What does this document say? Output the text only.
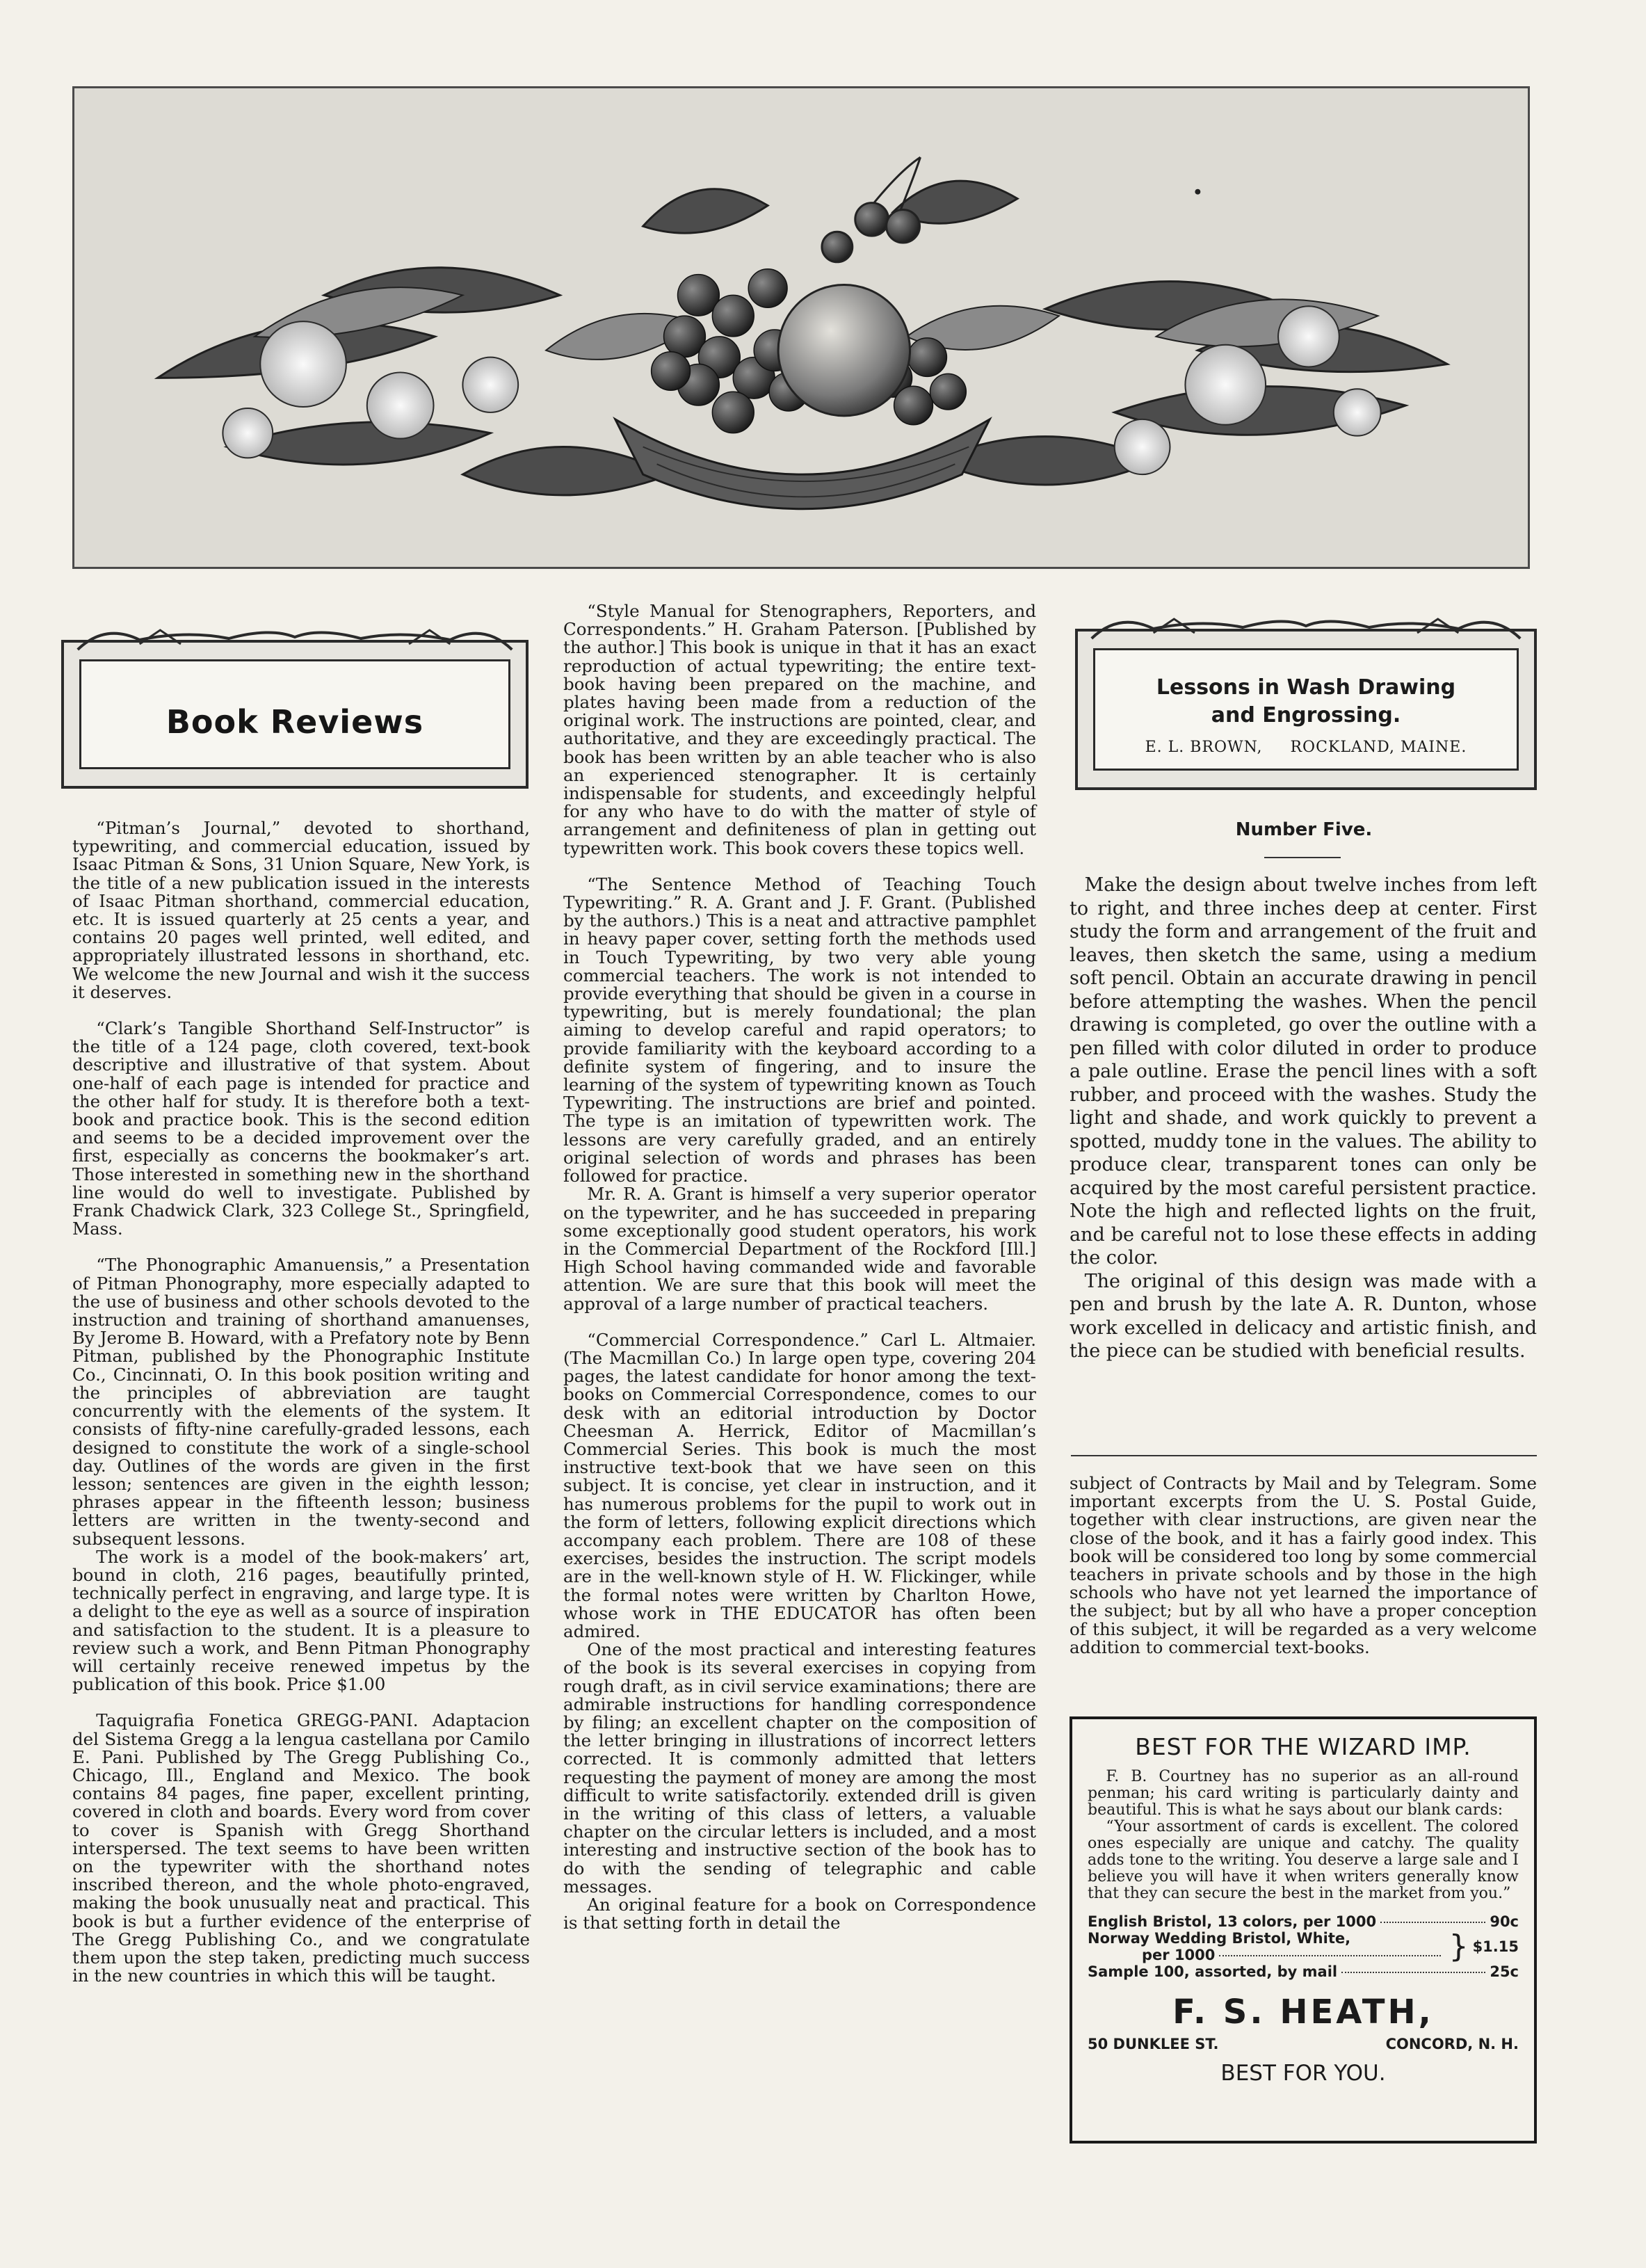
Book Reviews

“Pitman’s Journal,” devoted to shorthand, typewriting, and commercial education, issued by Isaac Pitman & Sons, 31 Union Square, New York, is the title of a new publication issued in the interests of Isaac Pitman shorthand, commercial education, etc. It is issued quarterly at 25 cents a year, and contains 20 pages well printed, well edited, and appropriately illustrated lessons in shorthand, etc. We welcome the new Journal and wish it the success it deserves.

“Clark’s Tangible Shorthand Self-Instructor” is the title of a 124 page, cloth covered, text-book descriptive and illustrative of that system. About one-half of each page is intended for practice and the other half for study. It is therefore both a text-book and practice book. This is the second edition and seems to be a decided improvement over the first, especially as concerns the bookmaker’s art. Those interested in something new in the shorthand line would do well to investigate. Published by Frank Chadwick Clark, 323 College St., Springfield, Mass.

“The Phonographic Amanuensis,” a Presentation of Pitman Phonography, more especially adapted to the use of business and other schools devoted to the instruction and training of shorthand amanuenses, By Jerome B. Howard, with a Prefatory note by Benn Pitman, published by the Phonographic Institute Co., Cincinnati, O. In this book position writing and the principles of abbreviation are taught concurrently with the elements of the system. It consists of fifty-nine carefully-graded lessons, each designed to constitute the work of a single-school day. Outlines of the words are given in the first lesson; sentences are given in the eighth lesson; phrases appear in the fifteenth lesson; business letters are written in the twenty-second and subsequent lessons.

The work is a model of the book-makers’ art, bound in cloth, 216 pages, beautifully printed, technically perfect in engraving, and large type. It is a delight to the eye as well as a source of inspiration and satisfaction to the student. It is a pleasure to review such a work, and Benn Pitman Phonography will certainly receive renewed impetus by the publication of this book. Price $1.00

Taquigrafia Fonetica GREGG-PANI. Adaptacion del Sistema Gregg a la lengua castellana por Camilo E. Pani. Published by The Gregg Publishing Co., Chicago, Ill., England and Mexico. The book contains 84 pages, fine paper, excellent printing, covered in cloth and boards. Every word from cover to cover is Spanish with Gregg Shorthand interspersed. The text seems to have been written on the typewriter with the shorthand notes inscribed thereon, and the whole photo-engraved, making the book unusually neat and practical. This book is but a further evidence of the enterprise of The Gregg Publishing Co., and we congratulate them upon the step taken, predicting much success in the new countries in which this will be taught.

“Style Manual for Stenographers, Reporters, and Correspondents.” H. Graham Paterson. [Published by the author.] This book is unique in that it has an exact reproduction of actual typewriting; the entire text-book having been prepared on the machine, and plates having been made from a reduction of the original work. The instructions are pointed, clear, and authoritative, and they are exceedingly practical. The book has been written by an able teacher who is also an experienced stenographer. It is certainly indispensable for students, and exceedingly helpful for any who have to do with the matter of style of arrangement and definiteness of plan in getting out typewritten work. This book covers these topics well.

“The Sentence Method of Teaching Touch Typewriting.” R. A. Grant and J. F. Grant. (Published by the authors.) This is a neat and attractive pamphlet in heavy paper cover, setting forth the methods used in Touch Typewriting, by two very able young commercial teachers. The work is not intended to provide everything that should be given in a course in typewriting, but is merely foundational; the plan aiming to develop careful and rapid operators; to provide familiarity with the keyboard according to a definite system of fingering, and to insure the learning of the system of typewriting known as Touch Typewriting. The instructions are brief and pointed. The type is an imitation of typewritten work. The lessons are very carefully graded, and an entirely original selection of words and phrases has been followed for practice.

Mr. R. A. Grant is himself a very superior operator on the typewriter, and he has succeeded in preparing some exceptionally good student operators, his work in the Commercial Department of the Rockford [Ill.] High School having commanded wide and favorable attention. We are sure that this book will meet the approval of a large number of practical teachers.

“Commercial Correspondence.” Carl L. Altmaier. (The Macmillan Co.) In large open type, covering 204 pages, the latest candidate for honor among the text-books on Commercial Correspondence, comes to our desk with an editorial introduction by Doctor Cheesman A. Herrick, Editor of Macmillan’s Commercial Series. This book is much the most instructive text-book that we have seen on this subject. It is concise, yet clear in instruction, and it has numerous problems for the pupil to work out in the form of letters, following explicit directions which accompany each problem. There are 108 of these exercises, besides the instruction. The script models are in the well-known style of H. W. Flickinger, while the formal notes were written by Charlton Howe, whose work in THE EDUCATOR has often been admired.

One of the most practical and interesting features of the book is its several exercises in copying from rough draft, as in civil service examinations; there are admirable instructions for handling correspondence by filing; an excellent chapter on the composition of the letter bringing in illustrations of incorrect letters corrected. It is commonly admitted that letters requesting the payment of money are among the most difficult to write satisfactorily. extended drill is given in the writing of this class of letters, a valuable chapter on the circular letters is included, and a most interesting and instructive section of the book has to do with the sending of telegraphic and cable messages.

An original feature for a book on Correspondence is that setting forth in detail the

Lessons in Wash Drawing
and Engrossing.
E. L. BROWN, ROCKLAND, MAINE.
Number Five.

Make the design about twelve inches from left to right, and three inches deep at center. First study the form and arrangement of the fruit and leaves, then sketch the same, using a medium soft pencil. Obtain an accurate drawing in pencil before attempting the washes. When the pencil drawing is completed, go over the outline with a pen filled with color diluted in order to produce a pale outline. Erase the pencil lines with a soft rubber, and proceed with the washes. Study the light and shade, and work quickly to prevent a spotted, muddy tone in the values. The ability to produce clear, transparent tones can only be acquired by the most careful persistent practice. Note the high and reflected lights on the fruit, and be careful not to lose these effects in adding the color.

The original of this design was made with a pen and brush by the late A. R. Dunton, whose work excelled in delicacy and artistic finish, and the piece can be studied with beneficial results.

subject of Contracts by Mail and by Telegram. Some important excerpts from the U. S. Postal Guide, together with clear instructions, are given near the close of the book, and it has a fairly good index. This book will be considered too long by some commercial teachers in private schools and by those in the high schools who have not yet learned the importance of the subject; but by all who have a proper conception of this subject, it will be regarded as a very welcome addition to commercial text-books.

BEST FOR THE WIZARD IMP.

F. B. Courtney has no superior as an all-round penman; his card writing is particularly dainty and beautiful. This is what he says about our blank cards:

“Your assortment of cards is excellent. The colored ones especially are unique and catchy. The quality adds tone to the writing. You deserve a large sale and I believe you will have it when writers generally know that they can secure the best in the market from you.”

English Bristol, 13 colors, per 1000	90c
Norway Wedding Bristol, White,
per 1000	} $1.15
Sample 100, assorted, by mail	25c
F. S. HEATH,
50 DUNKLEE ST.	CONCORD, N. H.
BEST FOR YOU.
